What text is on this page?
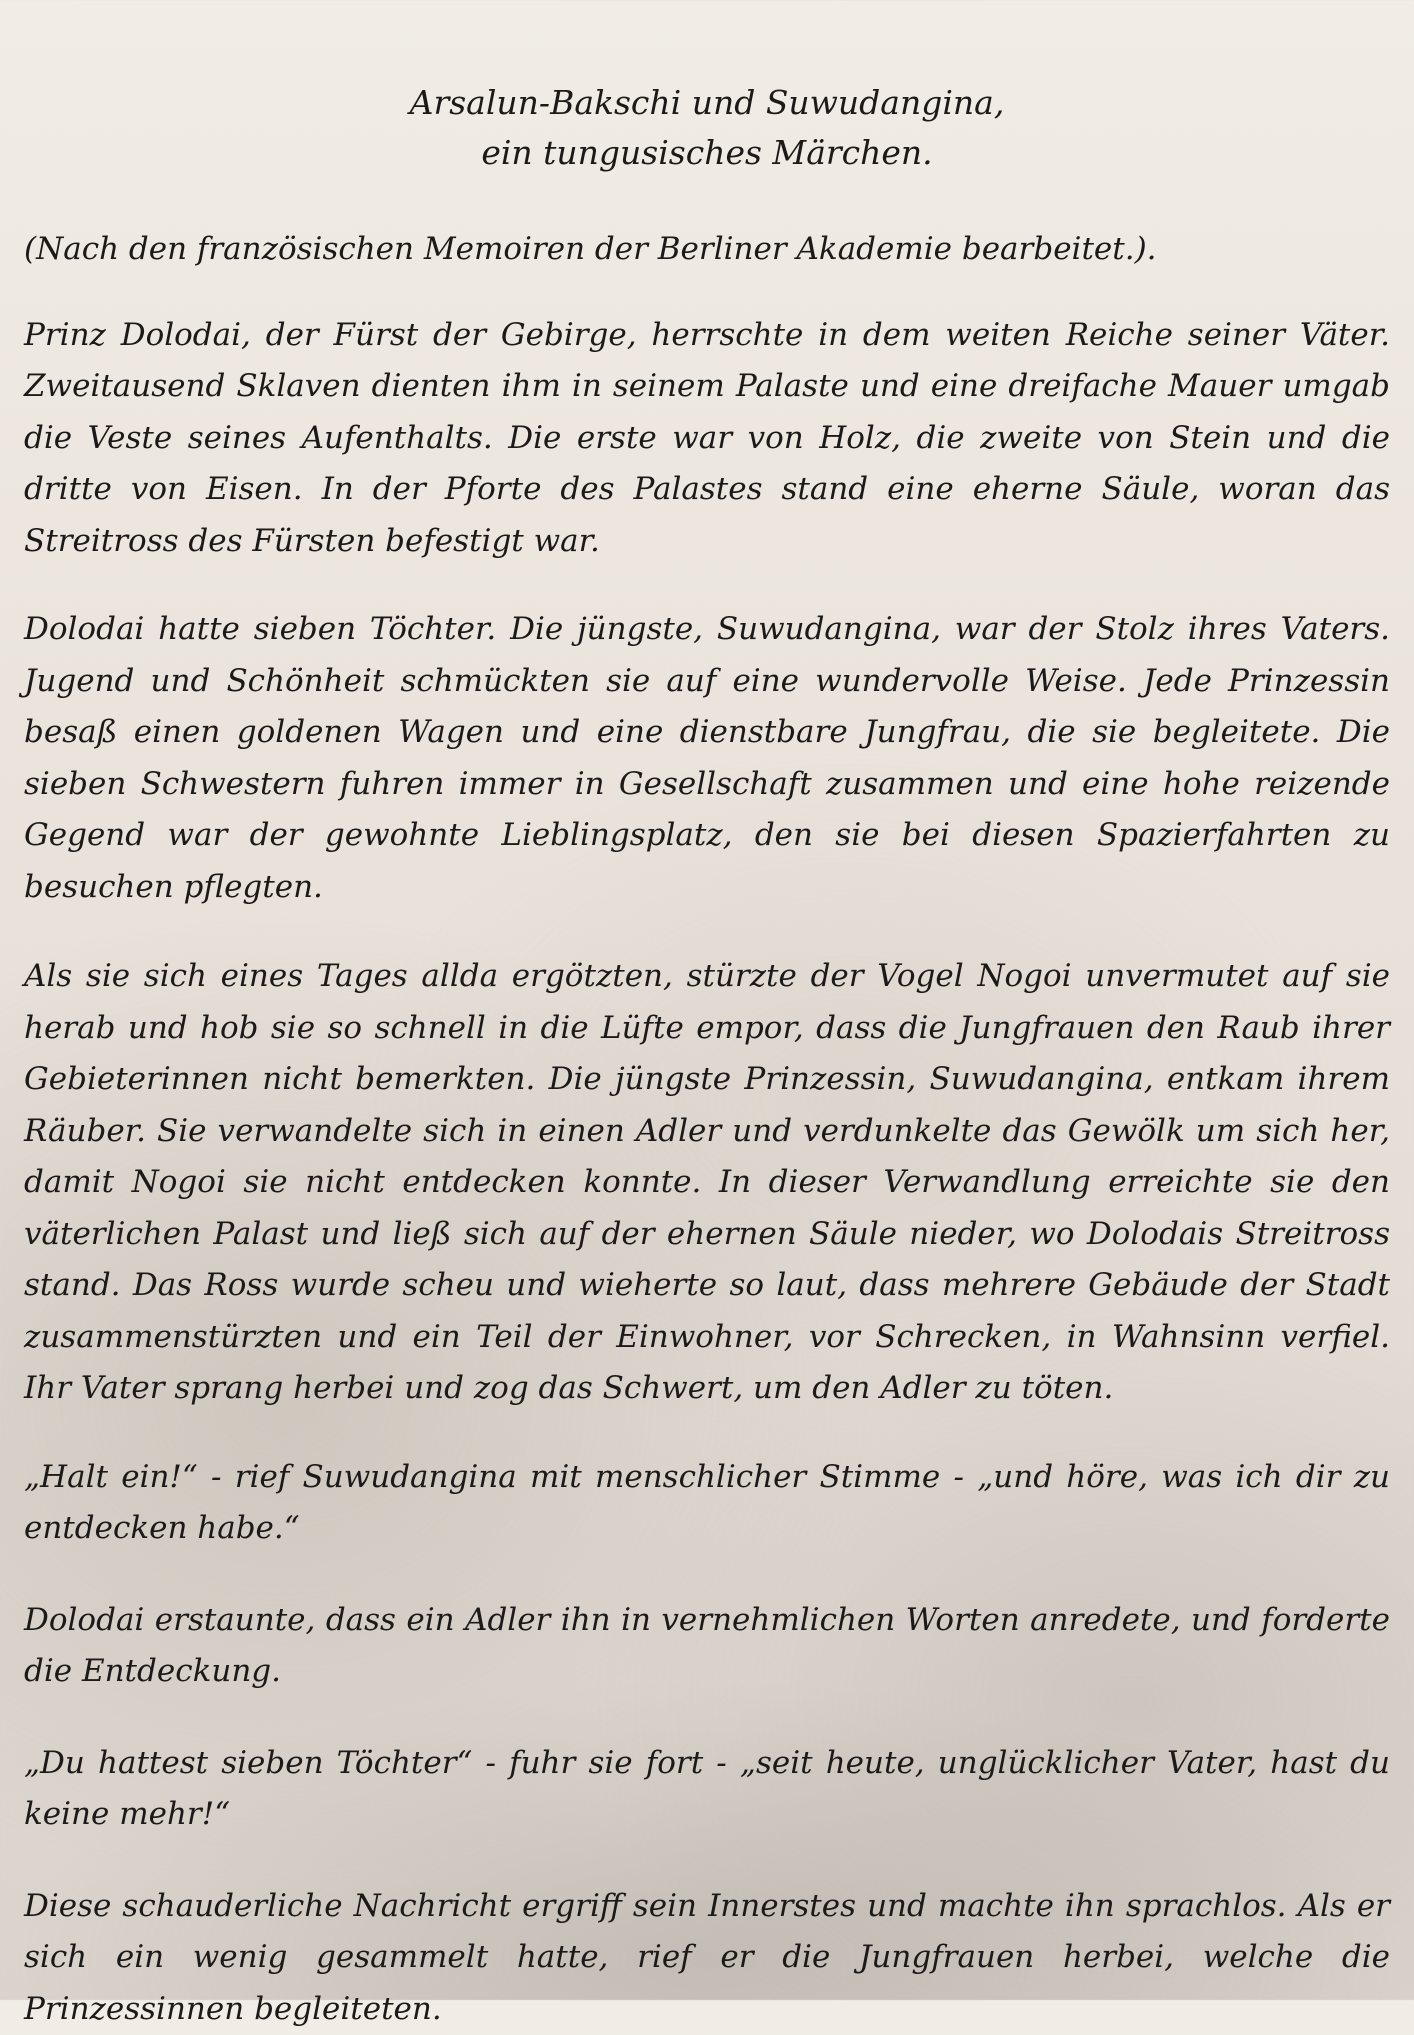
Arsalun-Bakschi und Suwudangina,
ein tungusisches Märchen.

(Nach den französischen Memoiren der Berliner Akademie bearbeitet.).

Prinz Dolodai, der Fürst der Gebirge, herrschte in dem weiten Reiche seiner Väter. Zweitausend Sklaven dienten ihm in seinem Palaste und eine dreifache Mauer umgab die Veste seines Aufenthalts. Die erste war von Holz, die zweite von Stein und die dritte von Eisen. In der Pforte des Palastes stand eine eherne Säule, woran das Streitross des Fürsten befestigt war.

Dolodai hatte sieben Töchter. Die jüngste, Suwudangina, war der Stolz ihres Vaters. Jugend und Schönheit schmückten sie auf eine wundervolle Weise. Jede Prinzessin besaß einen goldenen Wagen und eine dienstbare Jungfrau, die sie begleitete. Die sieben Schwestern fuhren immer in Gesellschaft zusammen und eine hohe reizende Gegend war der gewohnte Lieblingsplatz, den sie bei diesen Spazierfahrten zu besuchen pflegten.

Als sie sich eines Tages allda ergötzten, stürzte der Vogel Nogoi unvermutet auf sie herab und hob sie so schnell in die Lüfte empor, dass die Jungfrauen den Raub ihrer Gebieterinnen nicht bemerkten. Die jüngste Prinzessin, Suwudangina, entkam ihrem Räuber. Sie verwandelte sich in einen Adler und verdunkelte das Gewölk um sich her, damit Nogoi sie nicht entdecken konnte. In dieser Verwandlung erreichte sie den väterlichen Palast und ließ sich auf der ehernen Säule nieder, wo Dolodais Streitross stand. Das Ross wurde scheu und wieherte so laut, dass mehrere Gebäude der Stadt zusammenstürzten und ein Teil der Einwohner, vor Schrecken, in Wahnsinn verfiel. Ihr Vater sprang herbei und zog das Schwert, um den Adler zu töten.

„Halt ein!“ - rief Suwudangina mit menschlicher Stimme - „und höre, was ich dir zu entdecken habe.“

Dolodai erstaunte, dass ein Adler ihn in vernehmlichen Worten anredete, und forderte die Entdeckung.

„Du hattest sieben Töchter“ - fuhr sie fort - „seit heute, unglücklicher Vater, hast du keine mehr!“

Diese schauderliche Nachricht ergriff sein Innerstes und machte ihn sprachlos. Als er sich ein wenig gesammelt hatte, rief er die Jungfrauen herbei, welche die Prinzessinnen begleiteten.
